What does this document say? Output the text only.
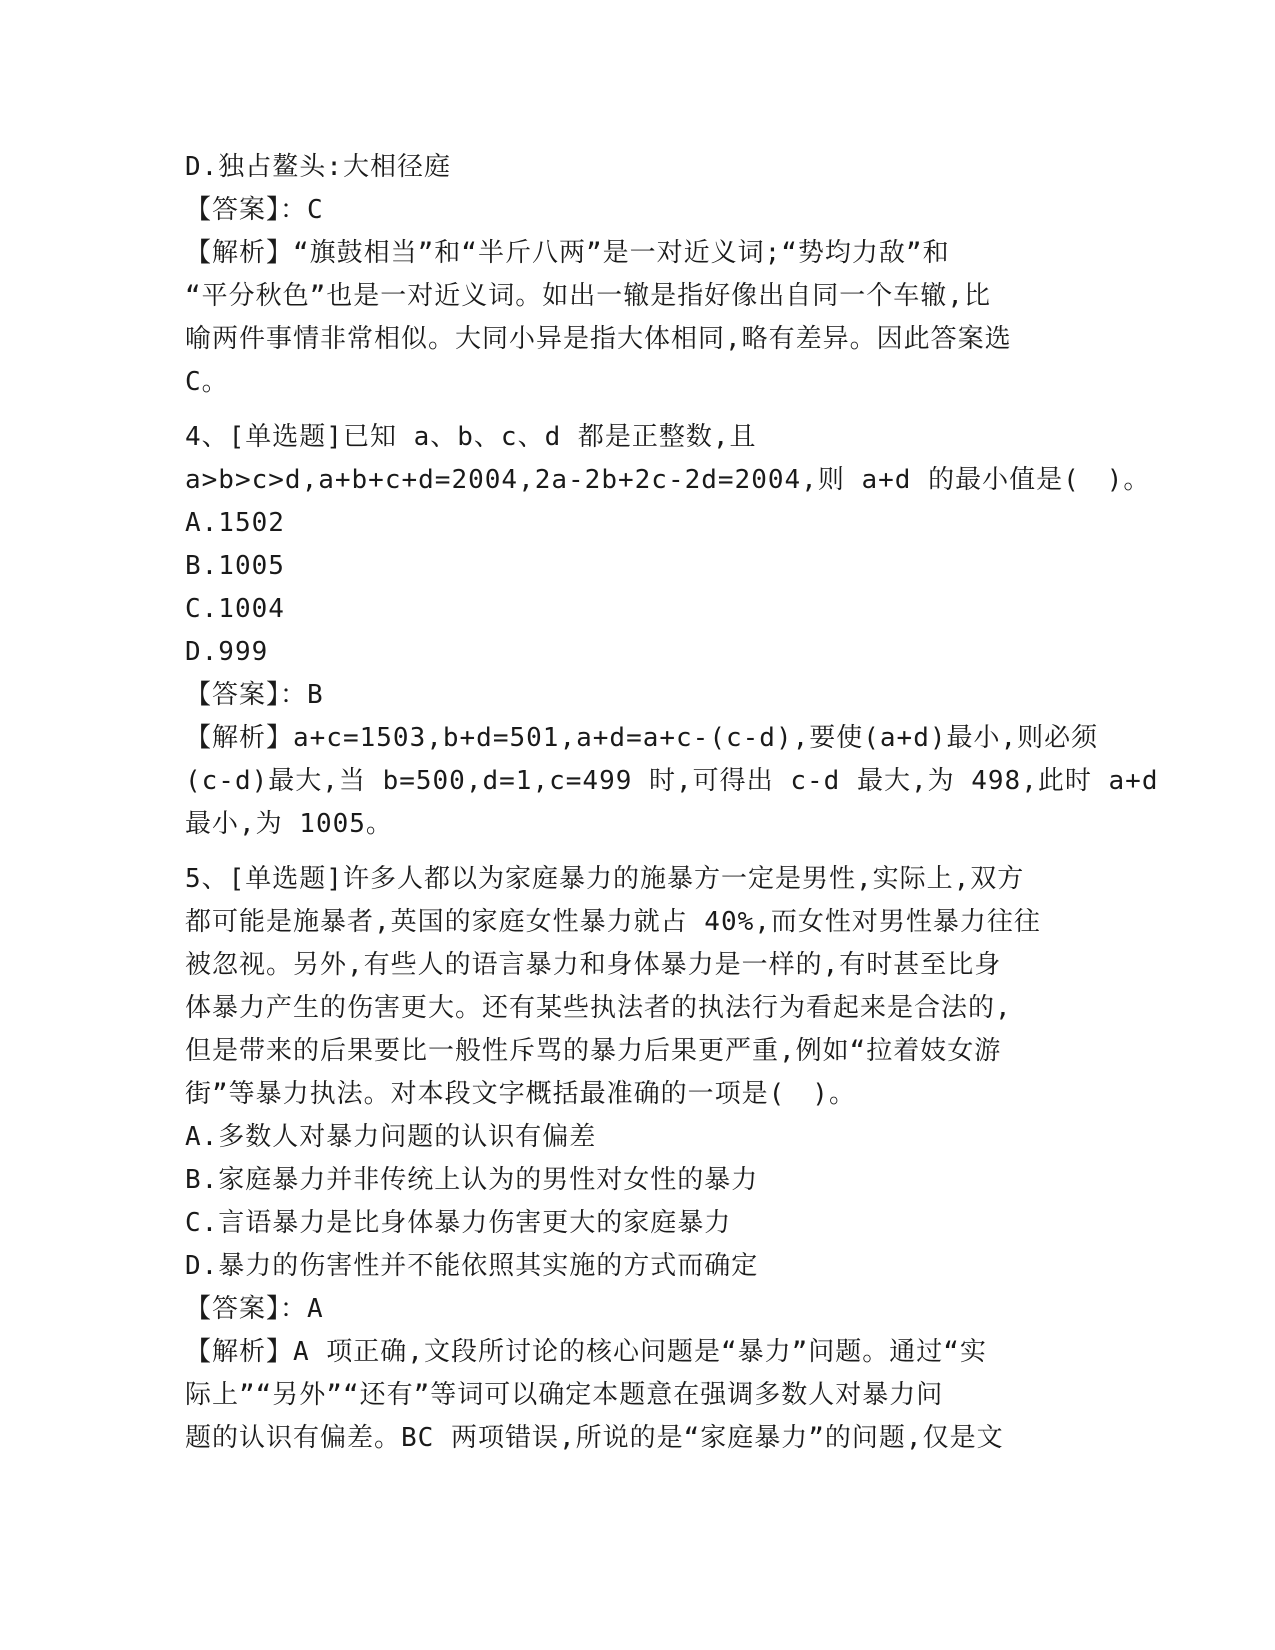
D.独占鳌头:大相径庭
【答案】：C
【解析】“旗鼓相当”和“半斤八两”是一对近义词;“势均力敌”和
“平分秋色”也是一对近义词。如出一辙是指好像出自同一个车辙,比
喻两件事情非常相似。大同小异是指大体相同,略有差异。因此答案选
C。
4、[单选题]已知 a、b、c、d 都是正整数,且
a>b>c>d,a+b+c+d=2004,2a-2b+2c-2d=2004,则 a+d 的最小值是(　)。
A.1502
B.1005
C.1004
D.999
【答案】：B
【解析】a+c=1503,b+d=501,a+d=a+c-(c-d),要使(a+d)最小,则必须
(c-d)最大,当 b=500,d=1,c=499 时,可得出 c-d 最大,为 498,此时 a+d
最小,为 1005。
5、[单选题]许多人都以为家庭暴力的施暴方一定是男性,实际上,双方
都可能是施暴者,英国的家庭女性暴力就占 40%,而女性对男性暴力往往
被忽视。另外,有些人的语言暴力和身体暴力是一样的,有时甚至比身
体暴力产生的伤害更大。还有某些执法者的执法行为看起来是合法的,
但是带来的后果要比一般性斥骂的暴力后果更严重,例如“拉着妓女游
街”等暴力执法。对本段文字概括最准确的一项是(　)。
A.多数人对暴力问题的认识有偏差
B.家庭暴力并非传统上认为的男性对女性的暴力
C.言语暴力是比身体暴力伤害更大的家庭暴力
D.暴力的伤害性并不能依照其实施的方式而确定
【答案】：A
【解析】A 项正确,文段所讨论的核心问题是“暴力”问题。通过“实
际上”“另外”“还有”等词可以确定本题意在强调多数人对暴力问
题的认识有偏差。BC 两项错误,所说的是“家庭暴力”的问题,仅是文
